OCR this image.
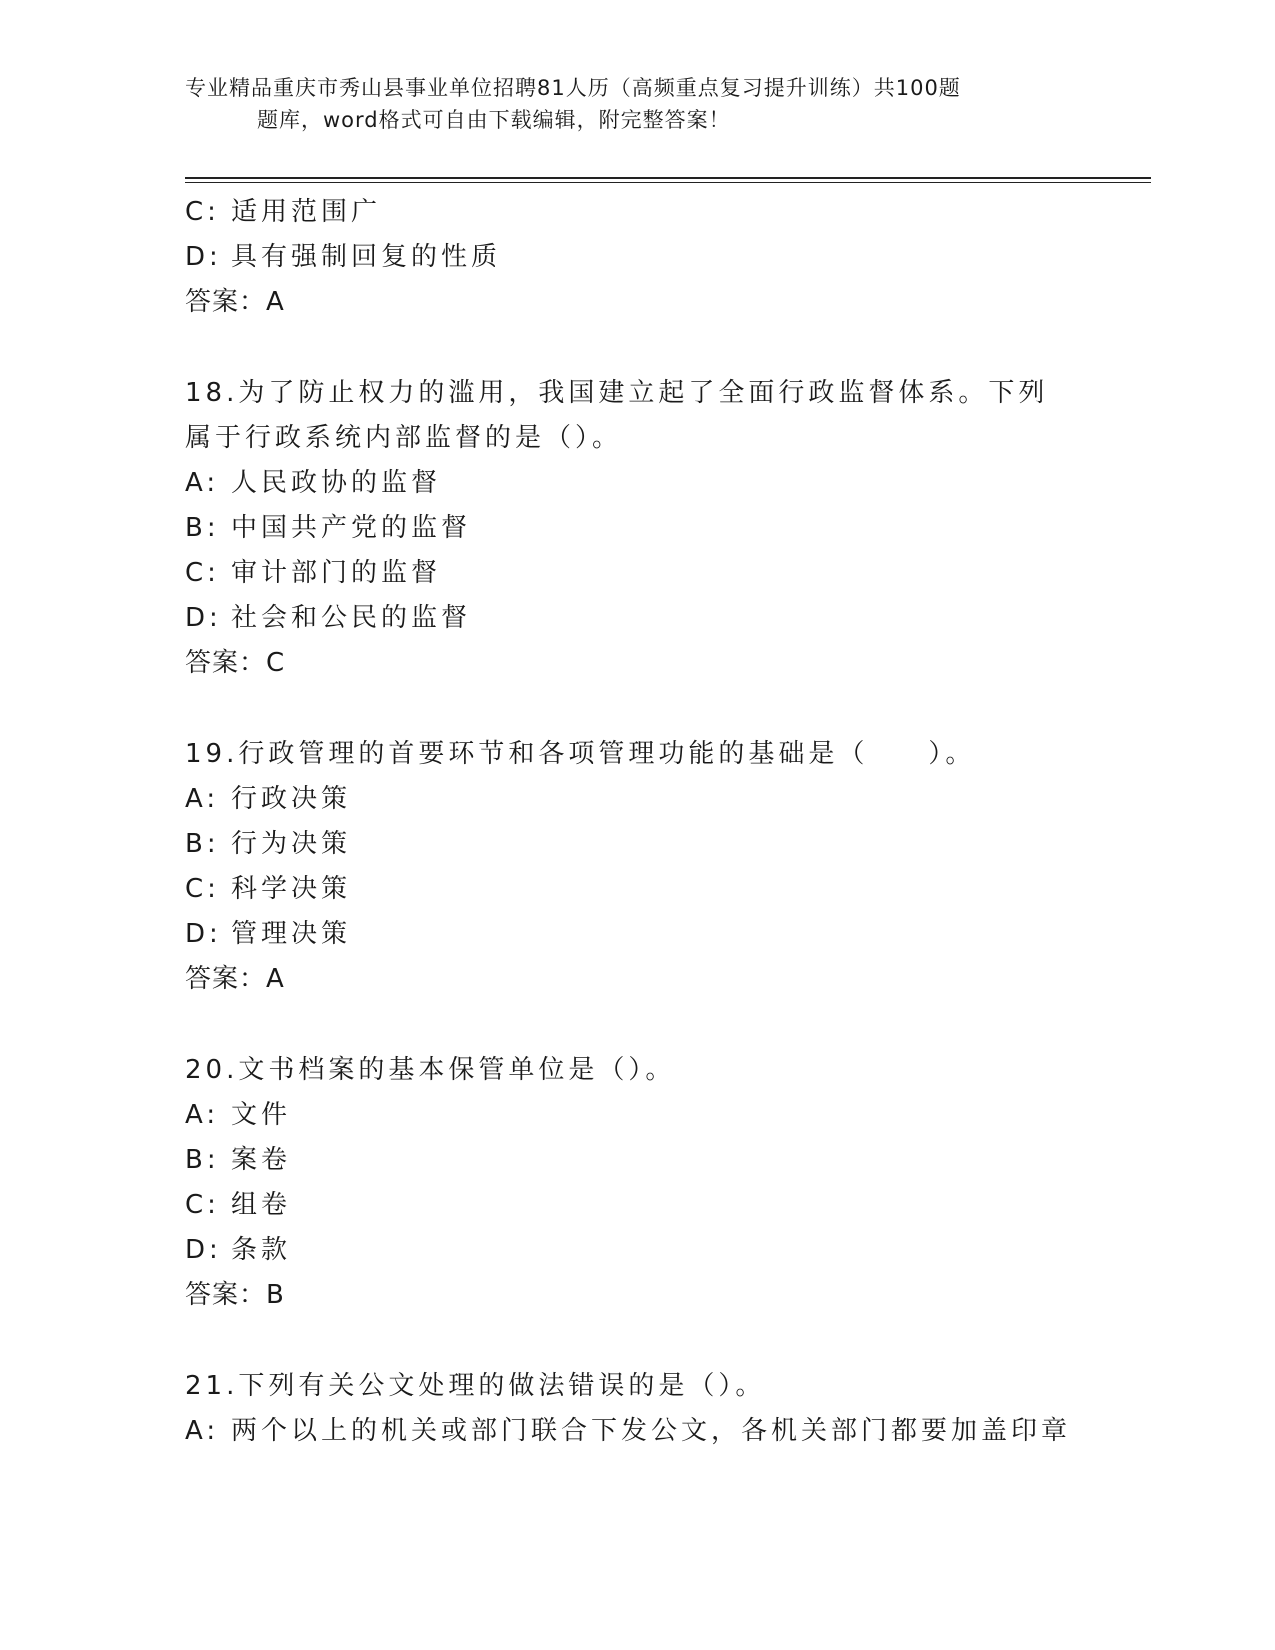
专业精品重庆市秀山县事业单位招聘81人历（高频重点复习提升训练）共100题
题库，word格式可自由下载编辑，附完整答案！
C: 适用范围广
D: 具有强制回复的性质
答案：A
18.为了防止权力的滥用，我国建立起了全面行政监督体系。下列属于行政系统内部监督的是（）。
A: 人民政协的监督
B: 中国共产党的监督
C: 审计部门的监督
D: 社会和公民的监督
答案：C
19.行政管理的首要环节和各项管理功能的基础是（　　）。
A: 行政决策
B: 行为决策
C: 科学决策
D: 管理决策
答案：A
20.文书档案的基本保管单位是（）。
A: 文件
B: 案卷
C: 组卷
D: 条款
答案：B
21.下列有关公文处理的做法错误的是（）。
A: 两个以上的机关或部门联合下发公文，各机关部门都要加盖印章
